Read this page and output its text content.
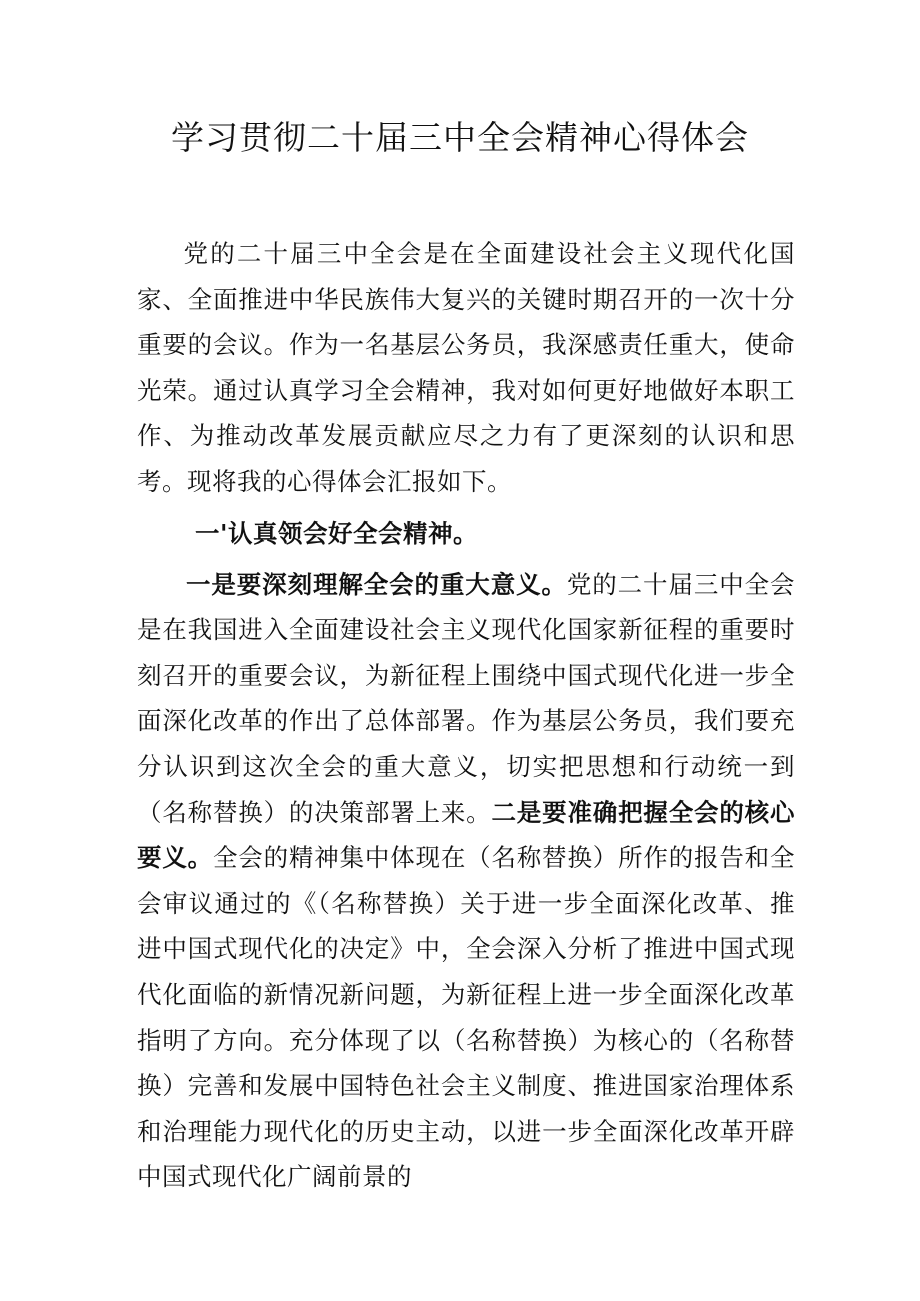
学习贯彻二十届三中全会精神心得体会

党的二十届三中全会是在全面建设社会主义现代化国家、全面推进中华民族伟大复兴的关键时期召开的一次十分重要的会议。作为一名基层公务员，我深感责任重大，使命光荣。通过认真学习全会精神，我对如何更好地做好本职工作、为推动改革发展贡献应尽之力有了更深刻的认识和思考。现将我的心得体会汇报如下。

一'认真领会好全会精神。

一是要深刻理解全会的重大意义。党的二十届三中全会是在我国进入全面建设社会主义现代化国家新征程的重要时刻召开的重要会议，为新征程上围绕中国式现代化进一步全面深化改革的作出了总体部署。作为基层公务员，我们要充分认识到这次全会的重大意义，切实把思想和行动统一到（名称替换）的决策部署上来。二是要准确把握全会的核心要义。全会的精神集中体现在（名称替换）所作的报告和全会审议通过的《（名称替换）关于进一步全面深化改革、推进中国式现代化的决定》中，全会深入分析了推进中国式现代化面临的新情况新问题，为新征程上进一步全面深化改革指明了方向。充分体现了以（名称替换）为核心的（名称替换）完善和发展中国特色社会主义制度、推进国家治理体系和治理能力现代化的历史主动，以进一步全面深化改革开辟中国式现代化广阔前景的
